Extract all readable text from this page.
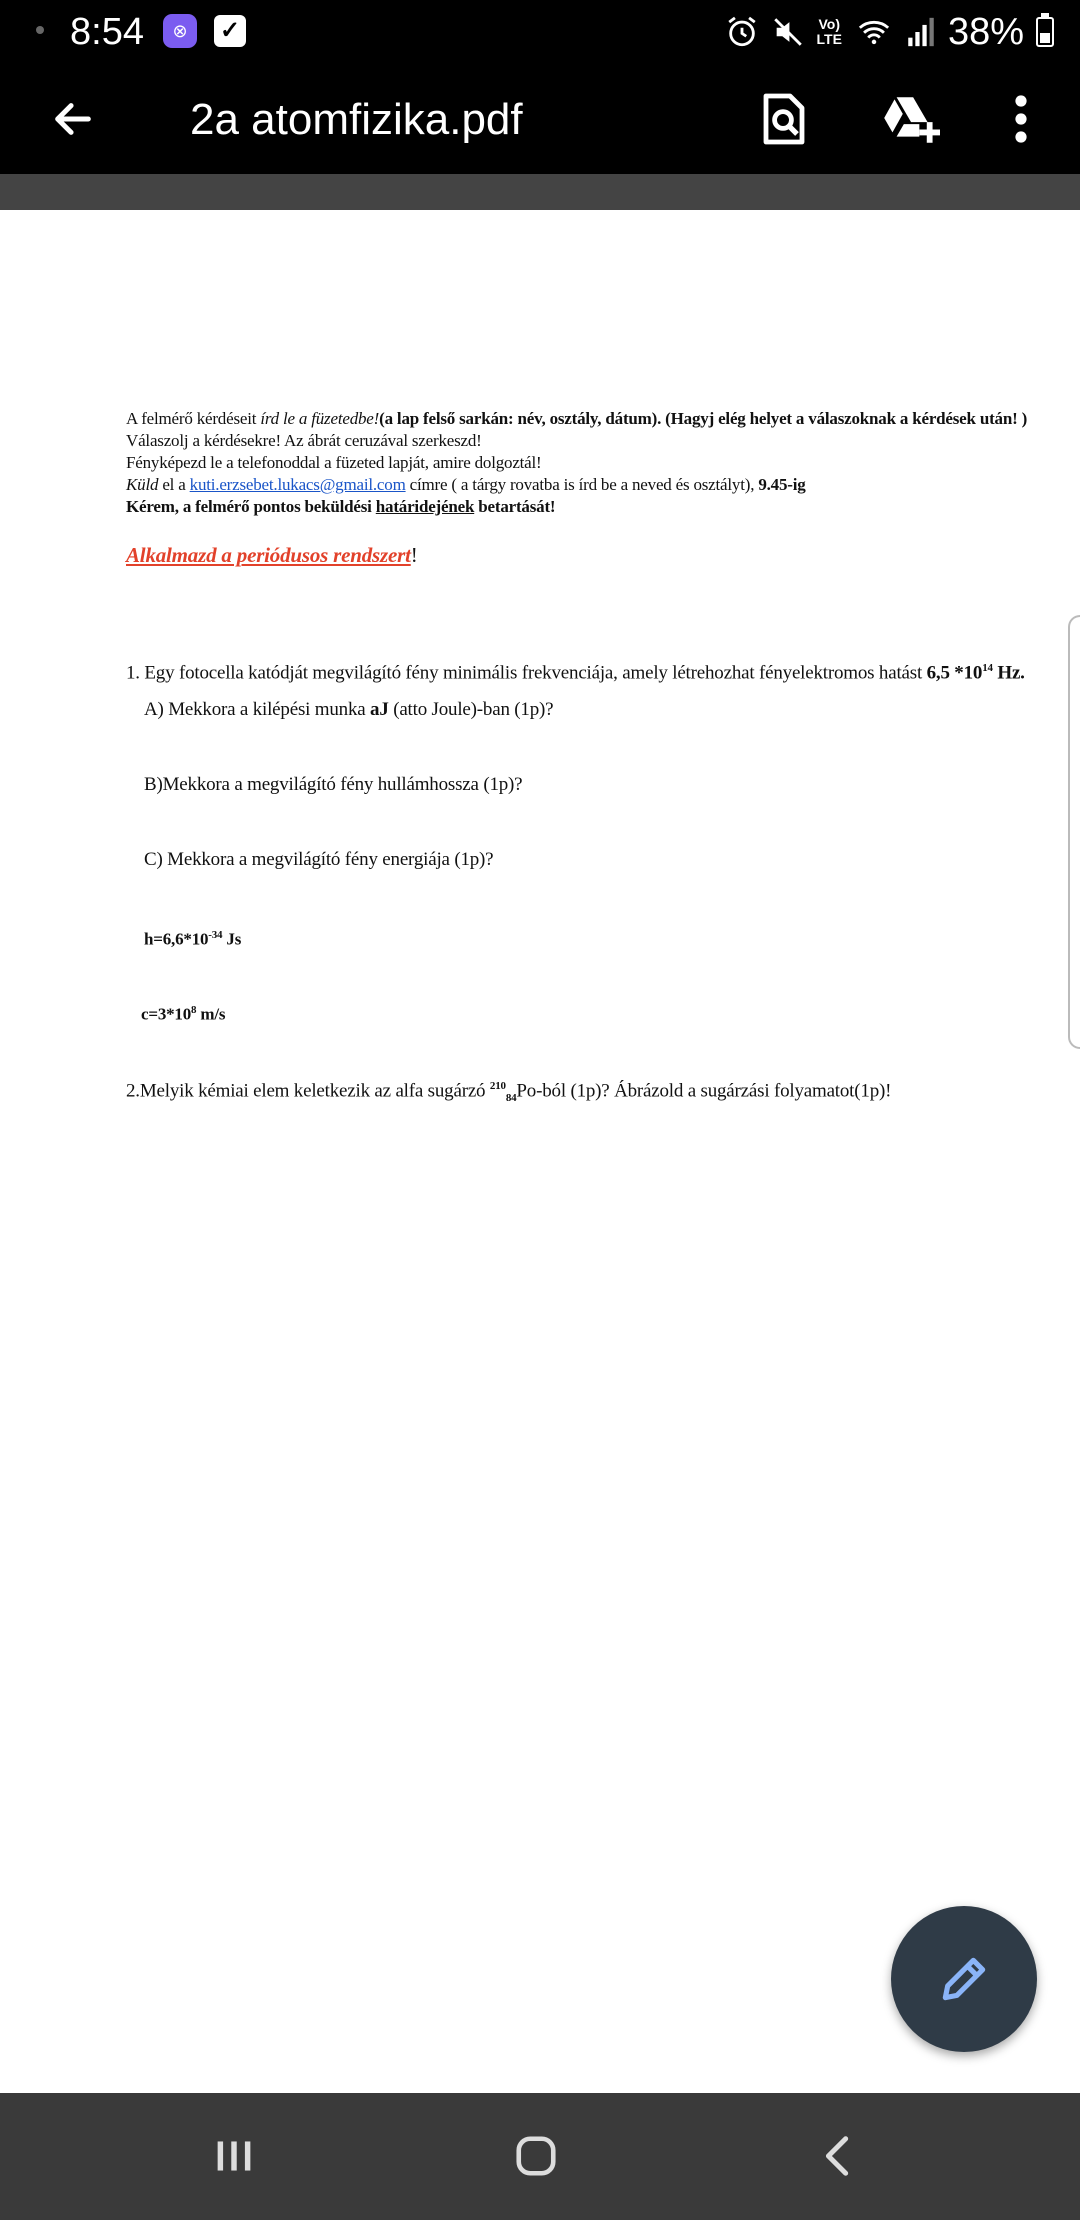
8:54	⊗	✓	Vo)
LTE	38%
2a atomfizika.pdf
A felmérő kérdéseit írd le a füzetedbe!(a lap felső sarkán: név, osztály, dátum). (Hagyj elég helyet a válaszoknak a kérdések után! )
Válaszolj a kérdésekre! Az ábrát ceruzával szerkeszd!
Fényképezd le a telefonoddal a füzeted lapját, amire dolgoztál!
Küld el a kuti.erzsebet.lukacs@gmail.com címre ( a tárgy rovatba is írd be a neved és osztályt), 9.45-ig
Kérem, a felmérő pontos beküldési határidejének betartását!
Alkalmazd a periódusos rendszert!
1. Egy fotocella katódját megvilágító fény minimális frekvenciája, amely létrehozhat fényelektromos hatást 6,5 $*10^{14}$ Hz.
A) Mekkora a kilépési munka aJ (atto Joule)-ban (1p)?
B)Mekkora a megvilágító fény hullámhossza (1p)?
C) Mekkora a megvilágító fény energiája (1p)?
$h=6,6*10^{-34}$ Js
$c=3*10^8$ m/s
2.Melyik kémiai elem keletkezik az alfa sugárzó $^{210}_{84}$Po-ból (1p)? Ábrázold a sugárzási folyamatot(1p)!
